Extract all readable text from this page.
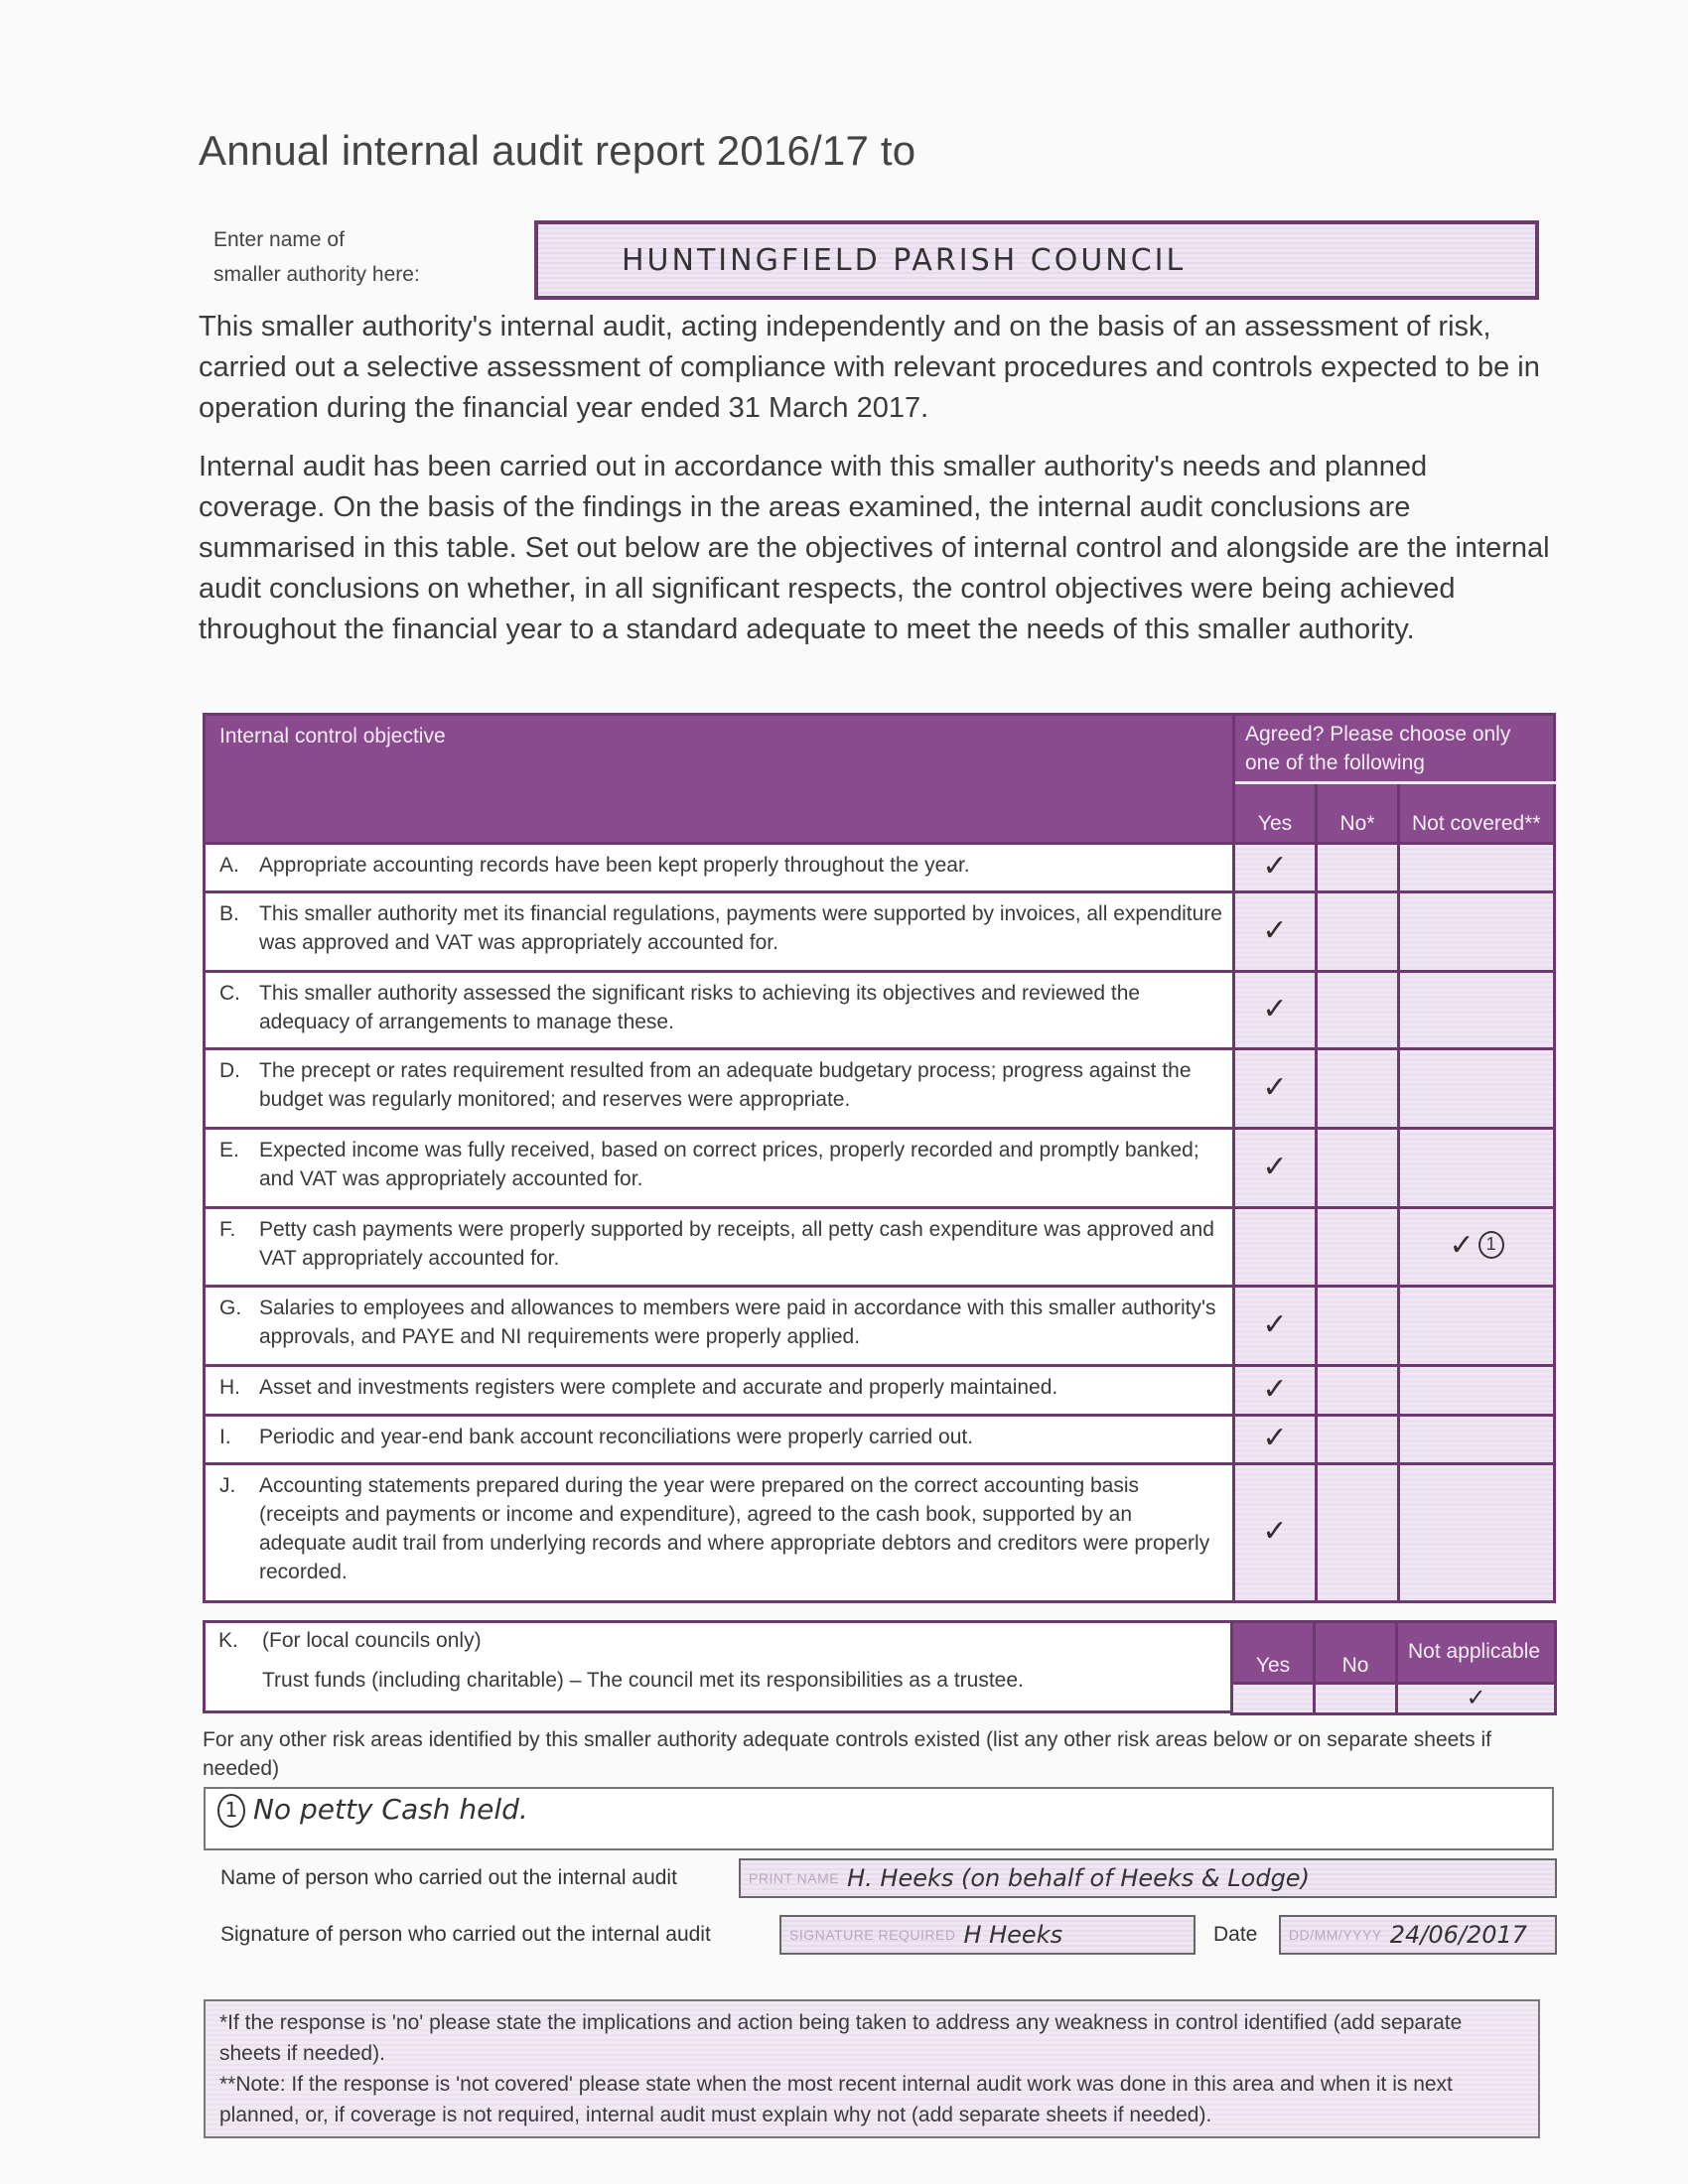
Annual internal audit report 2016/17 to
Enter name of
smaller authority here:	HUNTINGFIELD PARISH COUNCIL
This smaller authority's internal audit, acting independently and on the basis of an assessment of risk, carried out a selective assessment of compliance with relevant procedures and controls expected to be in operation during the financial year ended 31 March 2017.
Internal audit has been carried out in accordance with this smaller authority's needs and planned coverage. On the basis of the findings in the areas examined, the internal audit conclusions are summarised in this table. Set out below are the objectives of internal control and alongside are the internal audit conclusions on whether, in all significant respects, the control objectives were being achieved throughout the financial year to a standard adequate to meet the needs of this smaller authority.
Internal control objective	Agreed? Please choose only one of the following		
	Yes	No*	Not covered**

A. Appropriate accounting records have been kept properly throughout the year.	✓		

B. This smaller authority met its financial regulations, payments were supported by invoices, all expenditure was approved and VAT was appropriately accounted for.	✓		

C. This smaller authority assessed the significant risks to achieving its objectives and reviewed the adequacy of arrangements to manage these.	✓		

D. The precept or rates requirement resulted from an adequate budgetary process; progress against the budget was regularly monitored; and reserves were appropriate.	✓		

E. Expected income was fully received, based on correct prices, properly recorded and promptly banked; and VAT was appropriately accounted for.	✓		

F. Petty cash payments were properly supported by receipts, all petty cash expenditure was approved and VAT appropriately accounted for.			✓ 1

G. Salaries to employees and allowances to members were paid in accordance with this smaller authority's approvals, and PAYE and NI requirements were properly applied.	✓		

H. Asset and investments registers were complete and accurate and properly maintained.	✓		

I. Periodic and year-end bank account reconciliations were properly carried out.	✓		

J. Accounting statements prepared during the year were prepared on the correct accounting basis (receipts and payments or income and expenditure), agreed to the cash book, supported by an adequate audit trail from underlying records and where appropriate debtors and creditors were properly recorded.	✓		
K. (For local councils only)
Trust funds (including charitable) – The council met its responsibilities as a trustee.
Yes	No	Not applicable
		✓
For any other risk areas identified by this smaller authority adequate controls existed (list any other risk areas below or on separate sheets if needed)
1 No petty Cash held.
Name of person who carried out the internal audit	PRINT NAME H. Heeks (on behalf of Heeks & Lodge)
Signature of person who carried out the internal audit	SIGNATURE REQUIRED H Heeks	Date	DD/MM/YYYY 24/06/2017
*If the response is 'no' please state the implications and action being taken to address any weakness in control identified (add separate sheets if needed).
**Note: If the response is 'not covered' please state when the most recent internal audit work was done in this area and when it is next planned, or, if coverage is not required, internal audit must explain why not (add separate sheets if needed).
